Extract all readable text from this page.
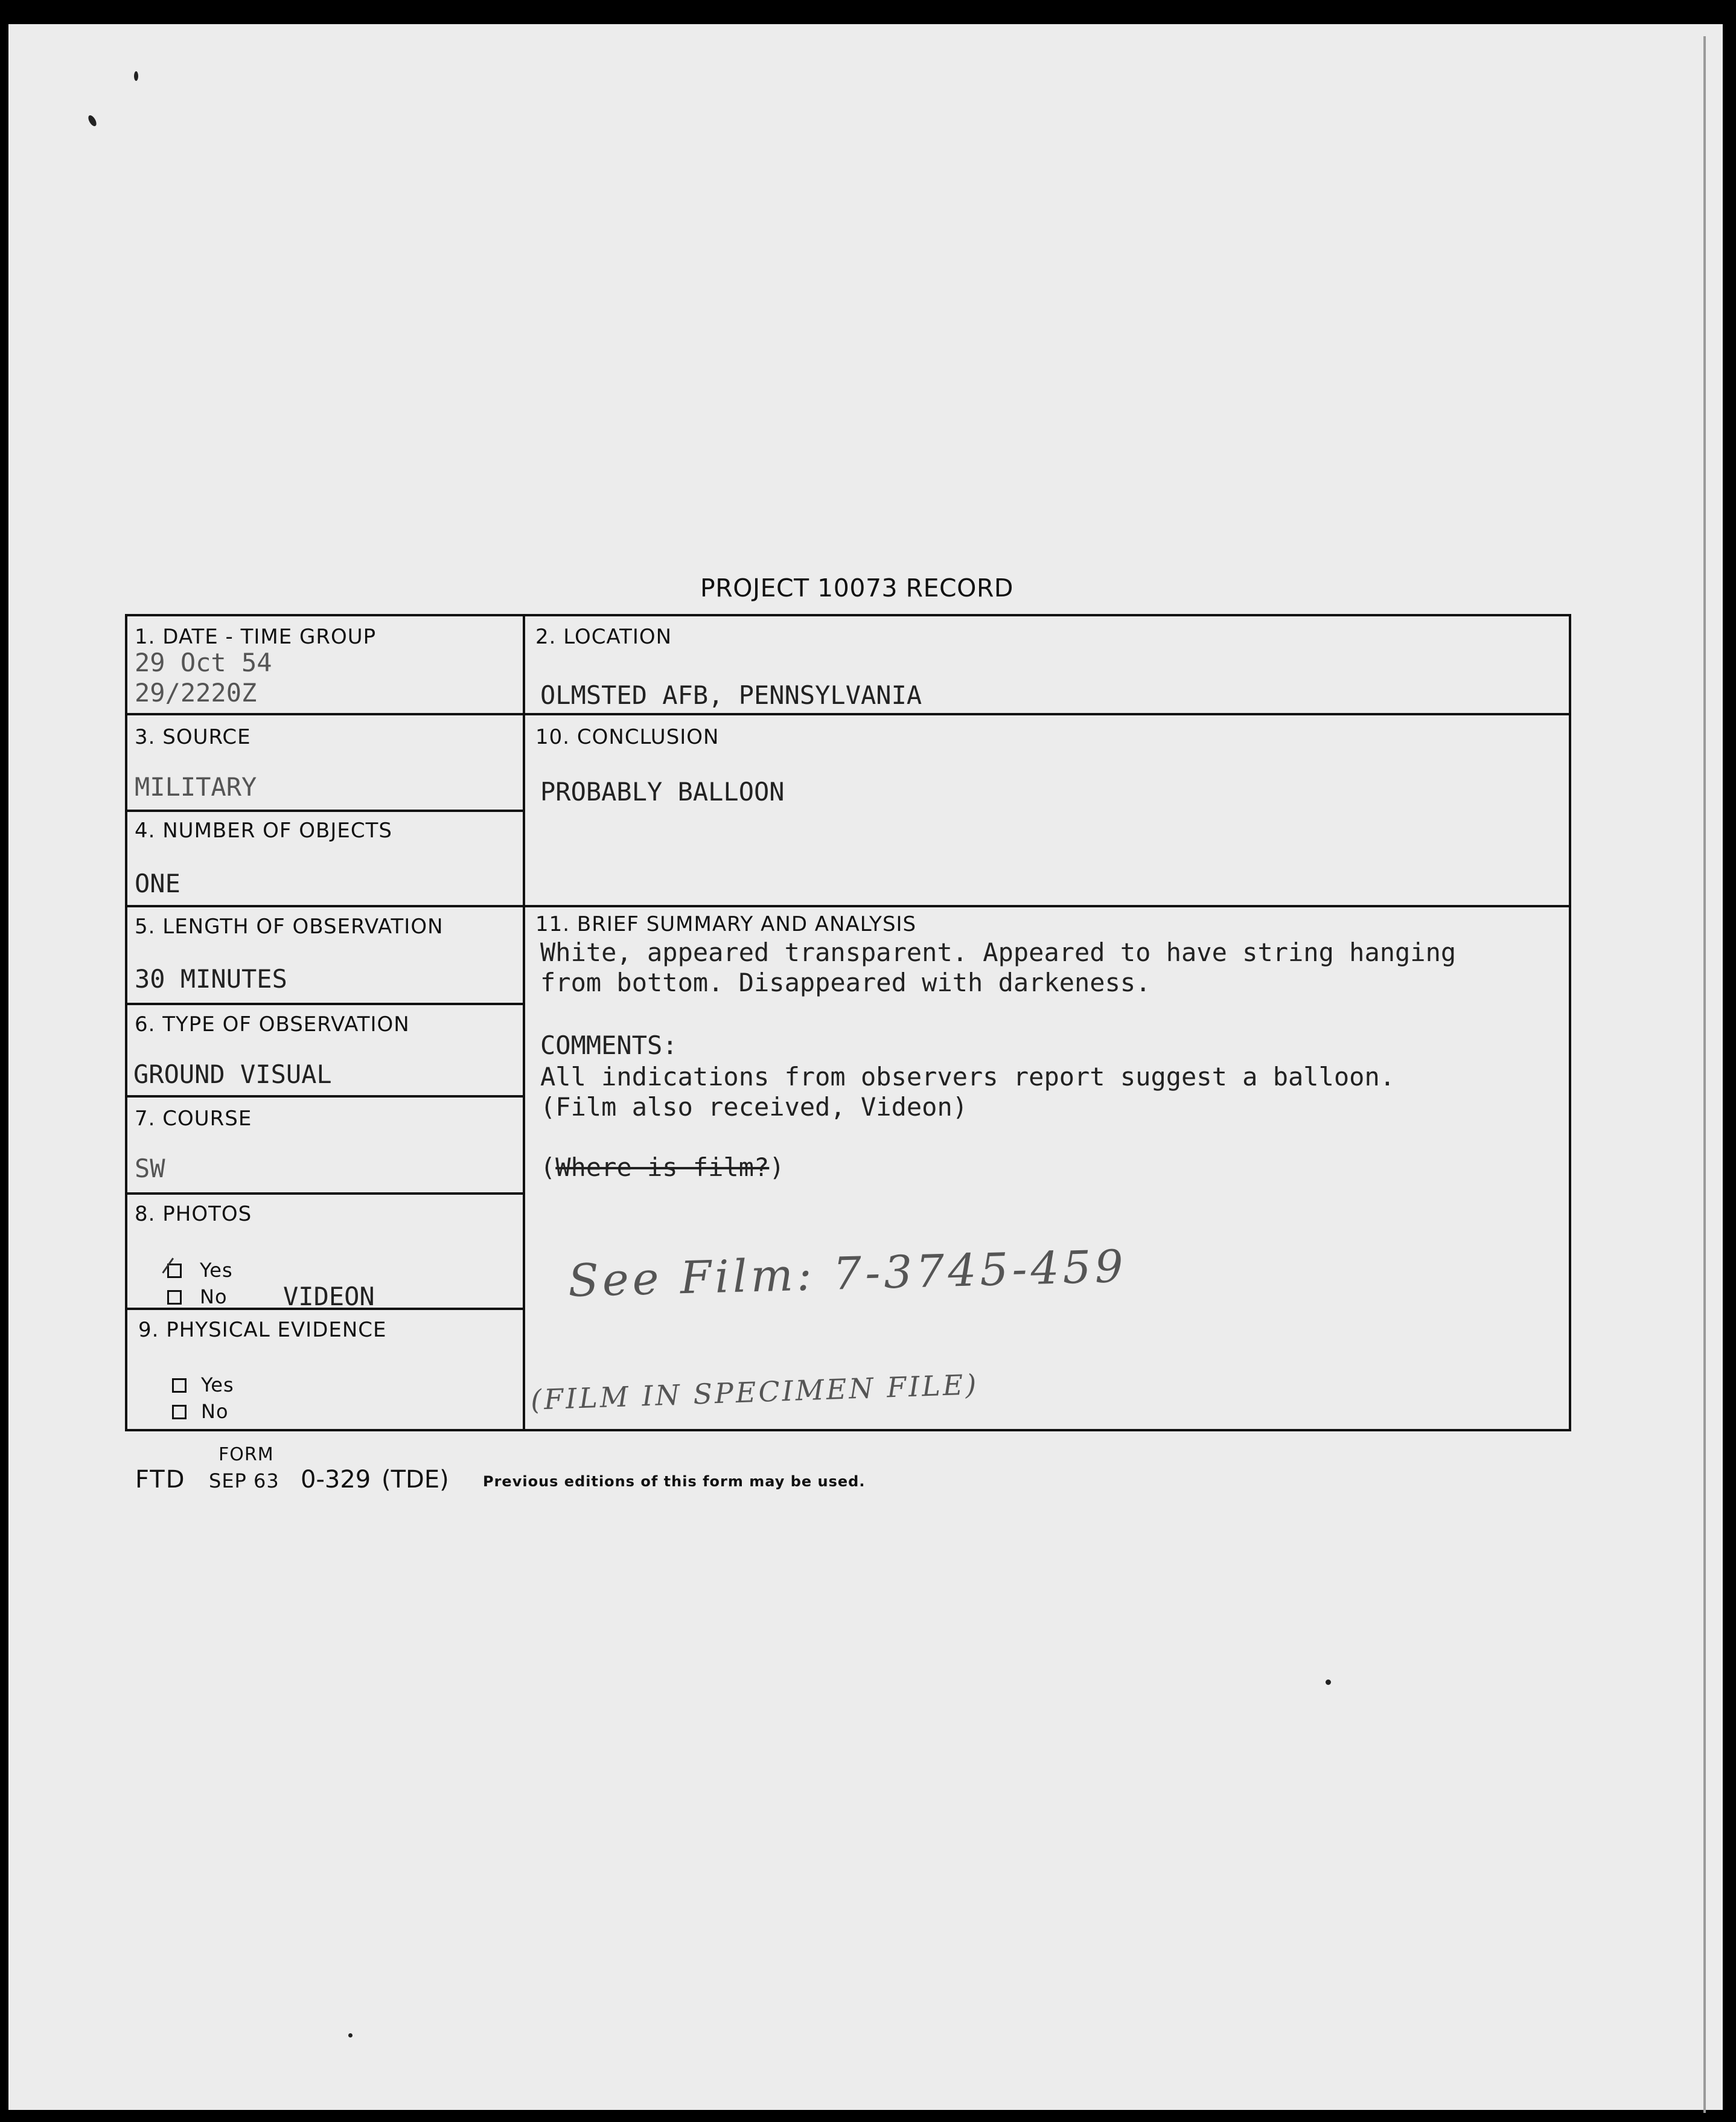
PROJECT 10073 RECORD
1. DATE - TIME GROUP
29 Oct 54
29/2220Z
2. LOCATION
OLMSTED AFB, PENNSYLVANIA
3. SOURCE
MILITARY
4. NUMBER OF OBJECTS
ONE
10. CONCLUSION
PROBABLY BALLOON
5. LENGTH OF OBSERVATION
30 MINUTES
6. TYPE OF OBSERVATION
GROUND VISUAL
7. COURSE
SW
8. PHOTOS
Yes
No VIDEON
9. PHYSICAL EVIDENCE
Yes
No
11. BRIEF SUMMARY AND ANALYSIS
White, appeared transparent. Appeared to have string hanging
from bottom. Disappeared with darkeness.
COMMENTS:
All indications from observers report suggest a balloon.
(Film also received, Videon)
(Where is film?)
See Film: 7-3745-459
(FILM IN SPECIMEN FILE)
FORM
FTD SEP 63 0-329 (TDE) Previous editions of this form may be used.
